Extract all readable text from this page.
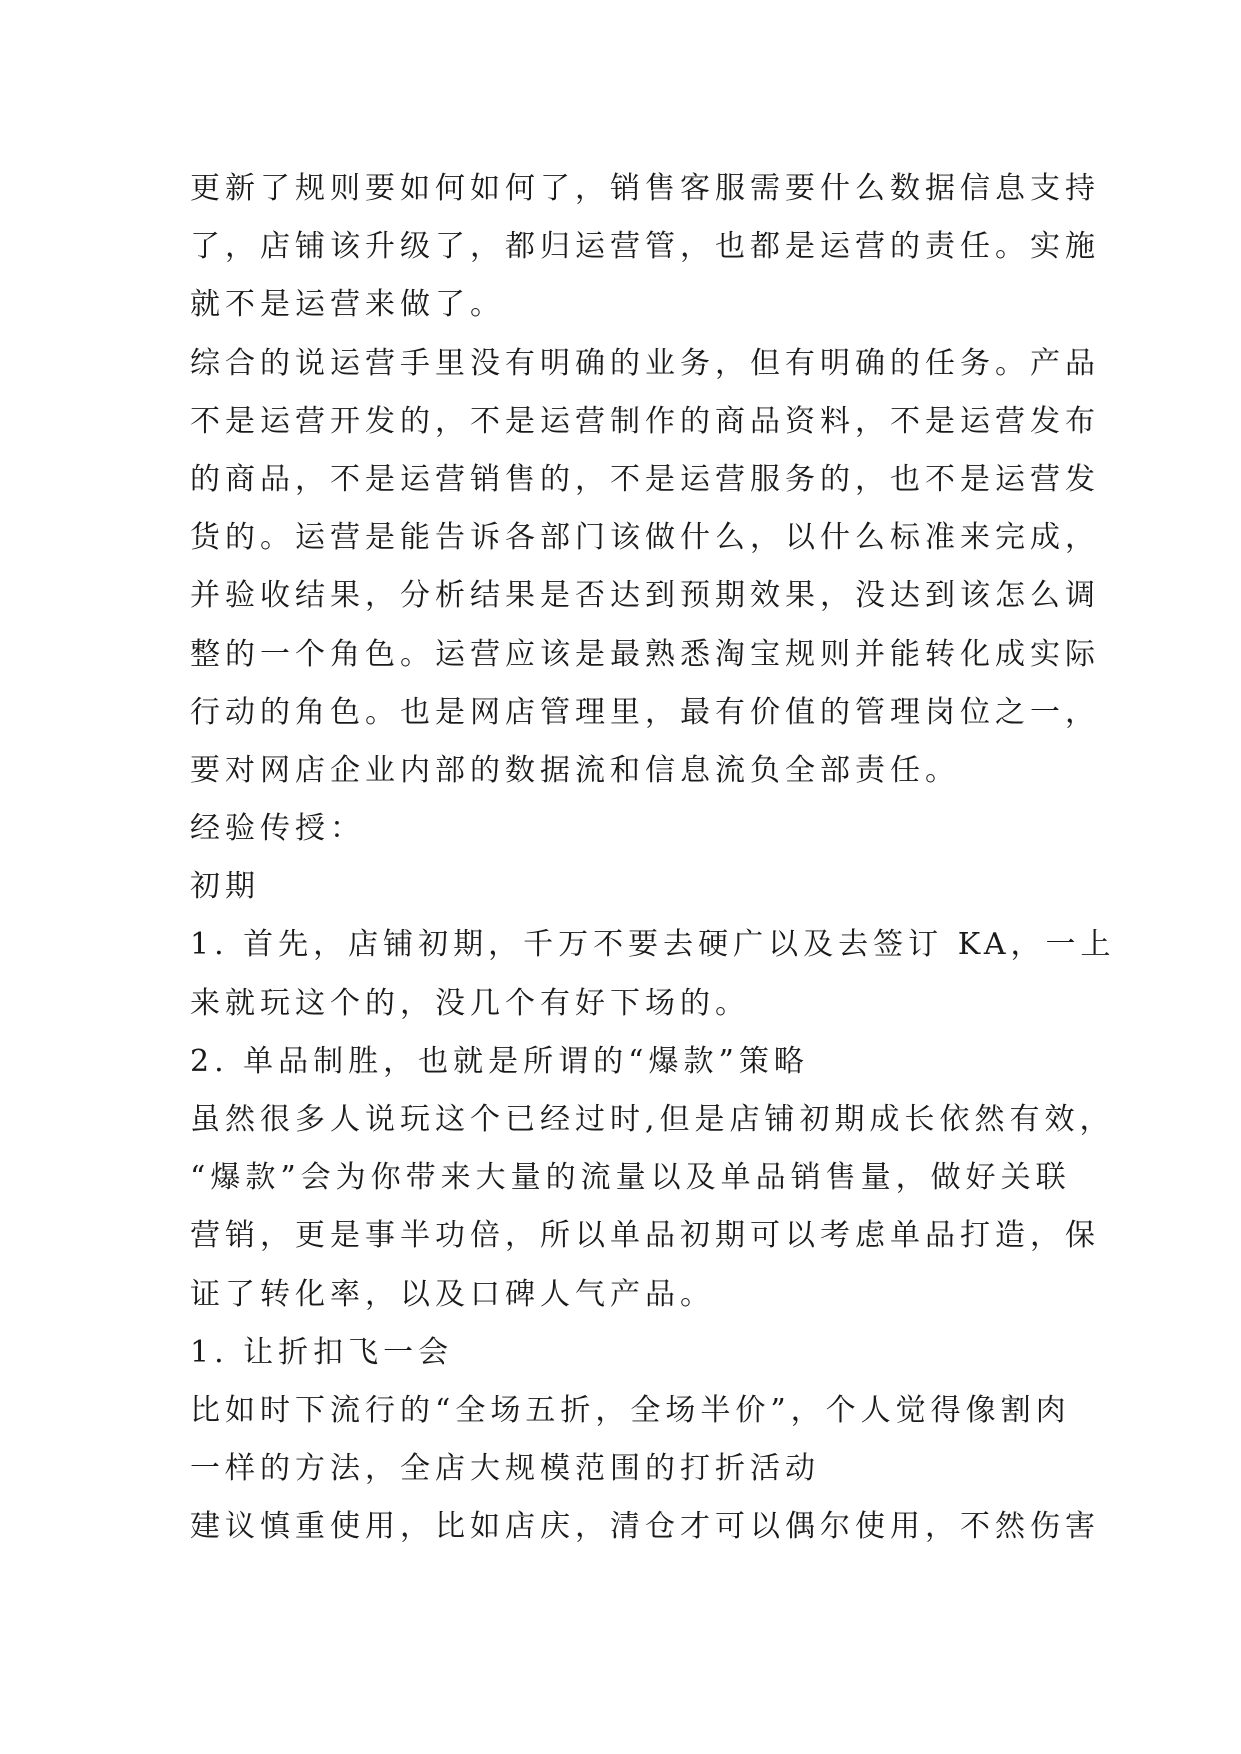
更新了规则要如何如何了，销售客服需要什么数据信息支持
了，店铺该升级了，都归运营管，也都是运营的责任。实施
就不是运营来做了。
综合的说运营手里没有明确的业务，但有明确的任务。产品
不是运营开发的，不是运营制作的商品资料，不是运营发布
的商品，不是运营销售的，不是运营服务的，也不是运营发
货的。运营是能告诉各部门该做什么，以什么标准来完成，
并验收结果，分析结果是否达到预期效果，没达到该怎么调
整的一个角色。运营应该是最熟悉淘宝规则并能转化成实际
行动的角色。也是网店管理里，最有价值的管理岗位之一，
要对网店企业内部的数据流和信息流负全部责任。
经验传授：
初期
1. 首先，店铺初期，千万不要去硬广以及去签订 KA，一上
来就玩这个的，没几个有好下场的。
2. 单品制胜，也就是所谓的“爆款”策略
虽然很多人说玩这个已经过时,但是店铺初期成长依然有效，
“爆款”会为你带来大量的流量以及单品销售量，做好关联
营销，更是事半功倍，所以单品初期可以考虑单品打造，保
证了转化率，以及口碑人气产品。
1. 让折扣飞一会
比如时下流行的“全场五折，全场半价”，个人觉得像割肉
一样的方法，全店大规模范围的打折活动
建议慎重使用，比如店庆，清仓才可以偶尔使用，不然伤害
